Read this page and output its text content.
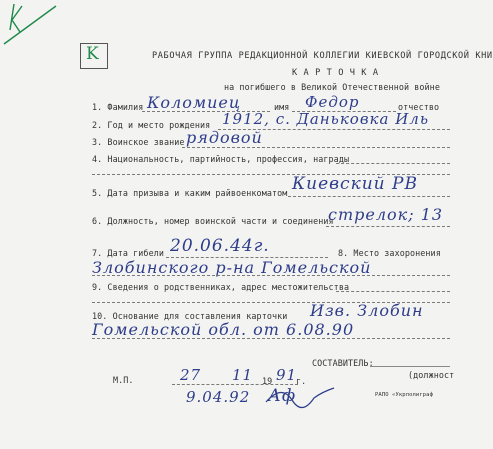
K	РАБОЧАЯ ГРУППА РЕДАКЦИОННОЙ КОЛЛЕГИИ КИЕВСКОЙ ГОРОДСКОЙ КНИ
К А Р Т О Ч К А
на погибшего в Великой Отечественной войне
1. Фамилия Коломиец	имя Федор	отчество
2. Год и место рождения 1912, с. Даньковка Иль
3. Воинское звание рядовой
4. Национальность, партийность, профессия, награды
5. Дата призыва и каким райвоенкоматом Киевский РВ
6. Должность, номер воинской части и соединения
стрелок; 13
7. Дата гибели 20.06.44г.	8. Место захоронения
Злобинского р-на Гомельской
9. Сведения о родственниках, адрес местожительства
10. Основание для составления карточки Изв. Злобин
Гомельской обл. от 6.08.90
СОСТАВИТЕЛЬ:
(должност
М.П.	27 11 19 91
г.
9.04.92 Аф	РАПО «Укрполиграф
